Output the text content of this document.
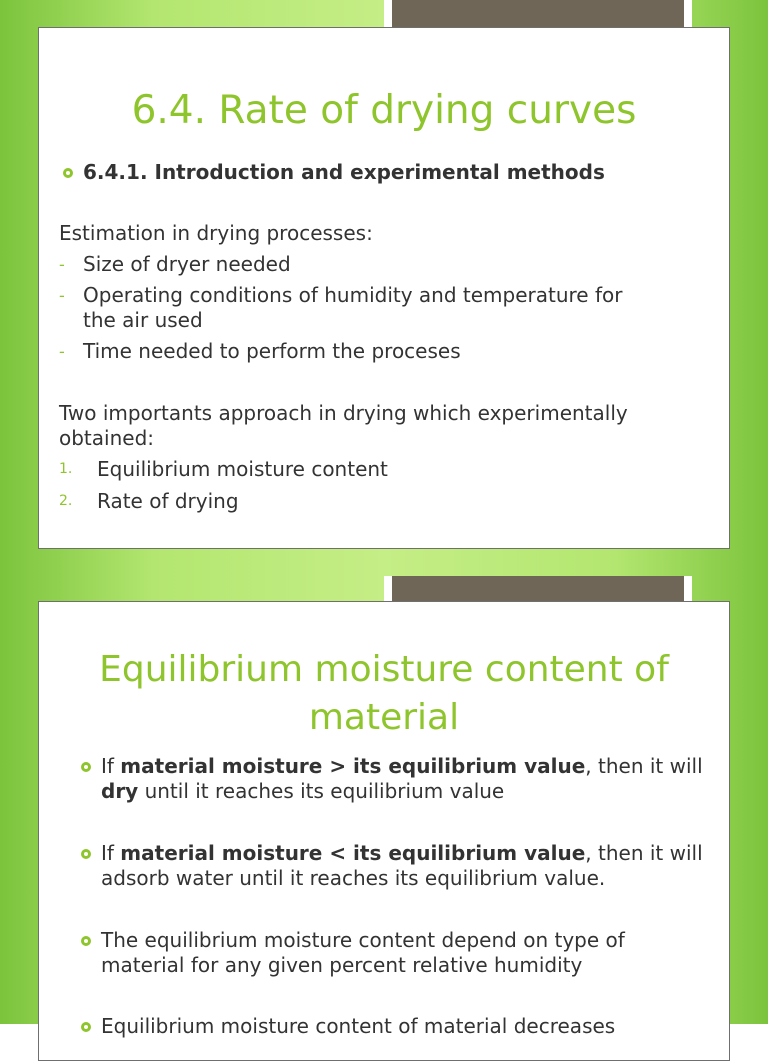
6.4. Rate of drying curves
6.4.1. Introduction and experimental methods
Estimation in drying processes:
- Size of dryer needed
- Operating conditions of humidity and temperature for
the air used
- Time needed to perform the proceses
Two importants approach in drying which experimentally
obtained:
1. Equilibrium moisture content
2. Rate of drying
Equilibrium moisture content of
material
If material moisture > its equilibrium value, then it will
dry until it reaches its equilibrium value
If material moisture < its equilibrium value, then it will
adsorb water until it reaches its equilibrium value.
The equilibrium moisture content depend on type of
material for any given percent relative humidity
Equilibrium moisture content of material decreases
